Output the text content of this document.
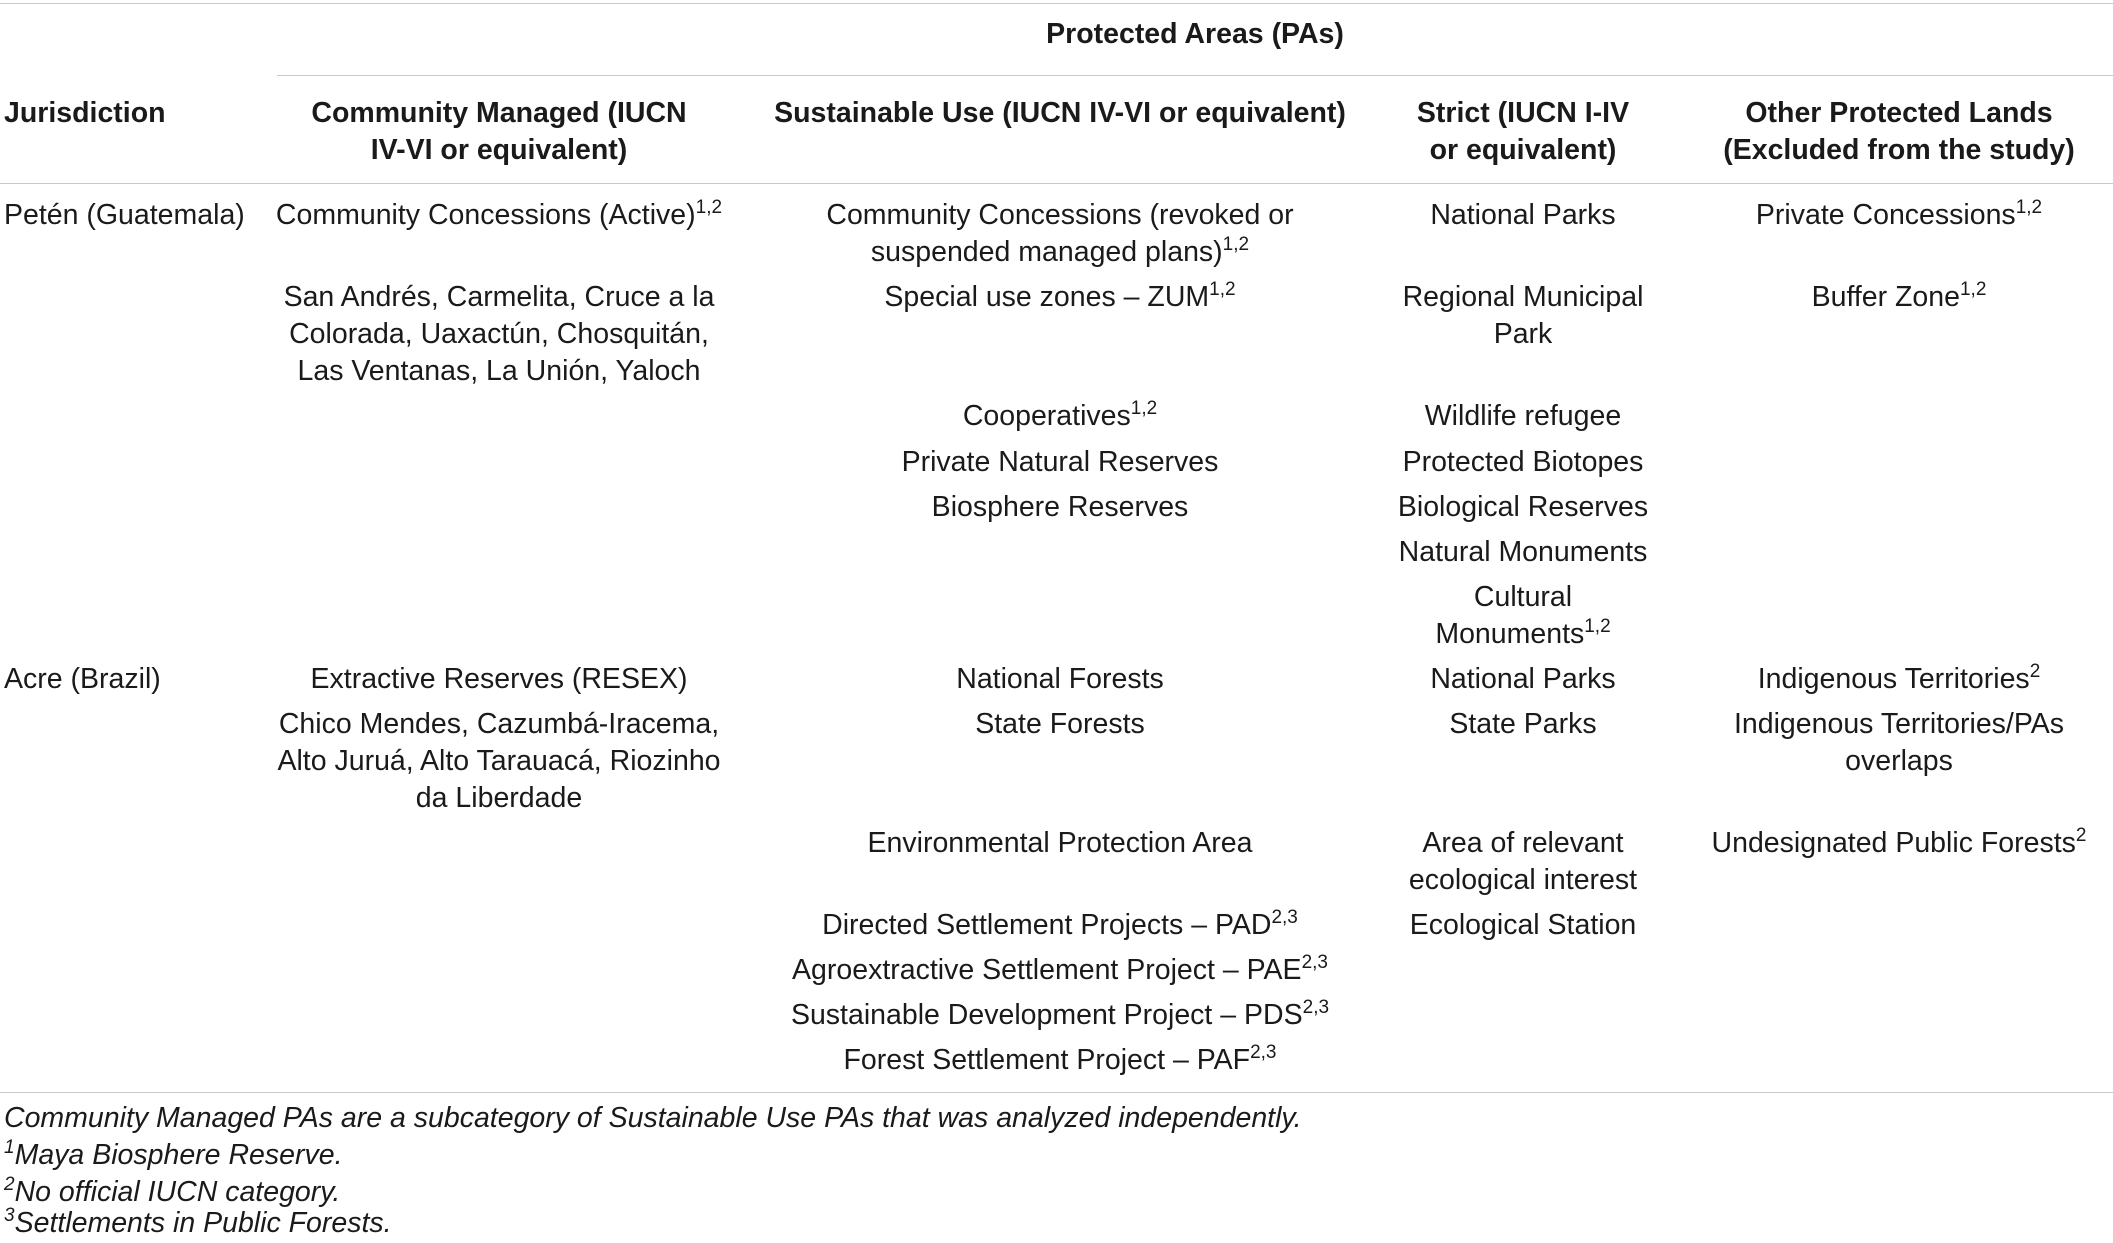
Protected Areas (PAs)
Jurisdiction	Community Managed (IUCN
IV-VI or equivalent)
Sustainable Use (IUCN IV-VI or equivalent) Strict (IUCN I-IV
or equivalent)
Other Protected Lands
(Excluded from the study)
Petén (Guatemala) Community Concessions (Active)$^{1,2}$
San Andrés, Carmelita, Cruce a la
Colorada, Uaxactún, Chosquitán,
Las Ventanas, La Unión, Yaloch
Community Concessions (revoked or
suspended managed plans)$^{1,2}$
Special use zones – ZUM$^{1,2}$
Cooperatives$^{1,2}$
Private Natural Reserves
Biosphere Reserves
National Parks
Regional Municipal
Park
Wildlife refugee
Protected Biotopes
Biological Reserves
Natural Monuments
Cultural
Monuments$^{1,2}$
Private Concessions$^{1,2}$
Buffer Zone$^{1,2}$
Acre (Brazil)	Extractive Reserves (RESEX)
Chico Mendes, Cazumbá-Iracema,
Alto Juruá, Alto Tarauacá, Riozinho
da Liberdade
National Forests
State Forests
Environmental Protection Area
Directed Settlement Projects – PAD$^{2,3}$
Agroextractive Settlement Project – PAE$^{2,3}$
Sustainable Development Project – PDS$^{2,3}$
Forest Settlement Project – PAF$^{2,3}$
National Parks
State Parks
Area of relevant
ecological interest
Ecological Station
Indigenous Territories$^2$
Indigenous Territories/PAs
overlaps
Undesignated Public Forests$^2$
Community Managed PAs are a subcategory of Sustainable Use PAs that was analyzed independently.
$^1$Maya Biosphere Reserve.
$^2$No official IUCN category.
$^3$Settlements in Public Forests.
